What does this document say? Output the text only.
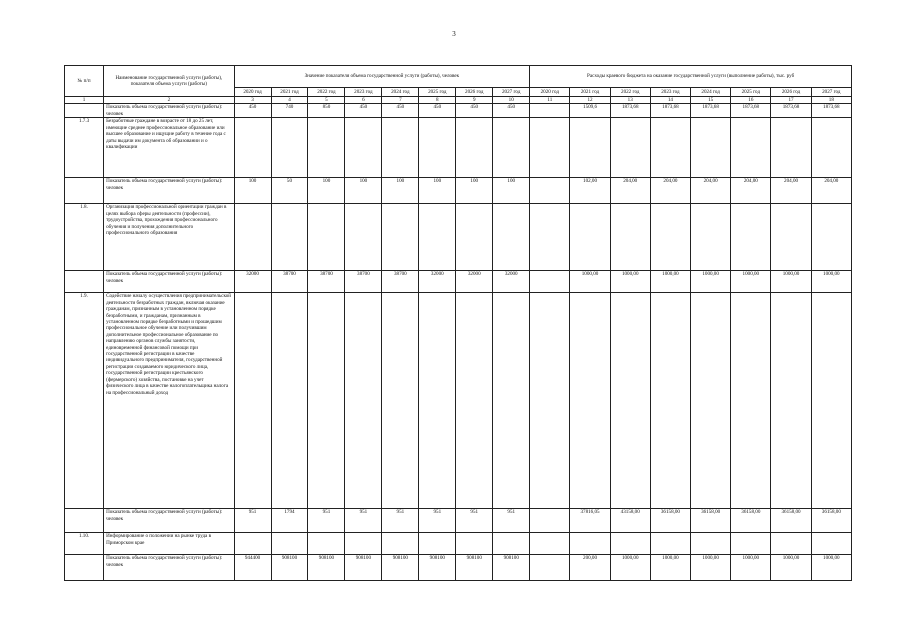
3
№ п/п	Наименование государственной услуги (работы), показателя объема услуги (работы)	Значение показателя объема государственной услуги (работы), человек								Расходы краевого бюджета на оказание государственной услуги (выполнение работы), тыс. руб							
		2020 год	2021 год	2022 год	2023 год	2024 год	2025 год	2026 год	2027 год	2020 год	2021 год	2022 год	2023 год	2024 год	2025 год	2026 год	2027 год
1	2	3	4	5	6	7	8	9	10	11	12	13	14	15	16	17	18
	Показатель объема государственной услуги (работы): человек	450	740	850	450	450	450	450	450		1509,6	1873,68	1873,68	1873,68	1873,68	1873,68	1873,68
1.7.3	Безработные граждане в возрасте от 18 до 25 лет, имеющие среднее профессиональное образование или высшее образование и ищущие работу в течение года с даты выдачи им документа об образовании и о квалификации																
	Показатель объема государственной услуги (работы): человек	100	50	100	100	100	100	100	100		102,00	204,00	204,00	204,00	204,00	204,00	204,00
1.8.	Организация профессиональной ориентации граждан в целях выбора сферы деятельности (профессии), трудоустройства, прохождения профессионального обучения и получения дополнительного профессионального образования																
	Показатель объема государственной услуги (работы): человек	32000	38700	38700	38700	38700	32000	32000	32000		1000,00	1000,00	1000,00	1000,00	1000,00	1000,00	1000,00
1.9.	Содействие началу осуществления предпринимательской деятельности безработных граждан, включая оказание гражданам, признанным в установленном порядке безработными, и гражданам, признанным в установленном порядке безработными и прошедшим профессиональное обучение или получившим дополнительное профессиональное образование по направлению органов службы занятости, единовременной финансовой помощи при государственной регистрации в качестве индивидуального предпринимателя, государственной регистрации создаваемого юридического лица, государственной регистрации крестьянского (фермерского) хозяйства, постановке на учет физического лица в качестве налогоплательщика налога на профессиональный доход																
	Показатель объема государственной услуги (работы): человек	951	1794	951	951	951	951	951	951		37816,05	43158,00	36158,00	36158,00	36158,00	36158,00	36158,00
1.10.	Информирование о положении на рынке труда в Приморском крае																
	Показатель объема государственной услуги (работы): человек	944400	908100	908100	908100	908100	908100	908100	908100		200,00	1000,00	1000,00	1000,00	1000,00	1000,00	1000,00
